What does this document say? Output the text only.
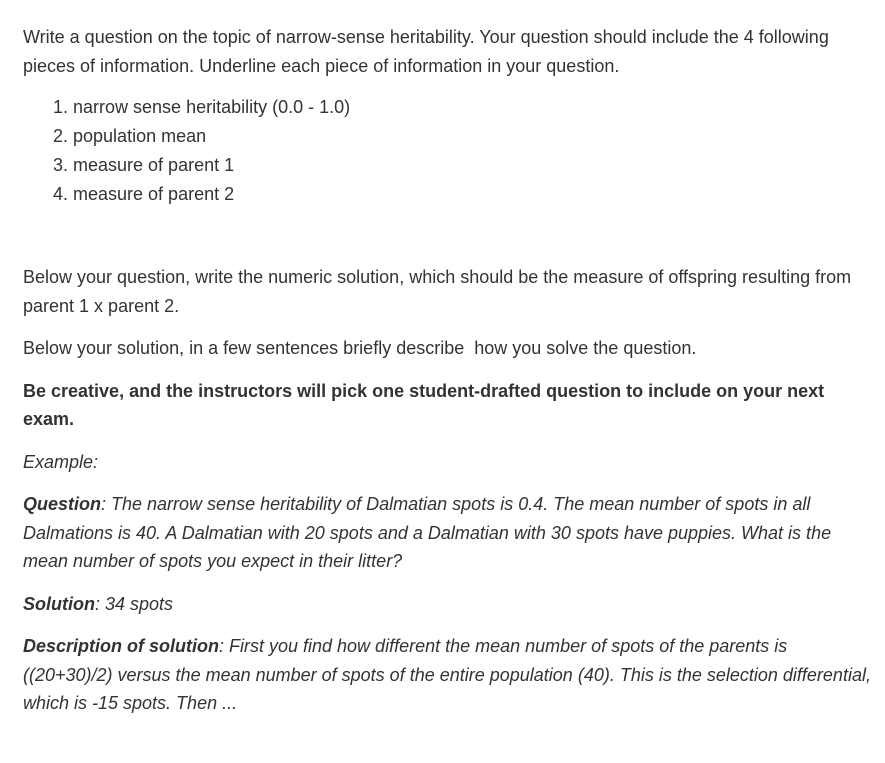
Write a question on the topic of narrow-sense heritability. Your question should include the 4 following pieces of information. Underline each piece of information in your question.

1. narrow sense heritability (0.0 - 1.0)
2. population mean
3. measure of parent 1
4. measure of parent 2

Below your question, write the numeric solution, which should be the measure of offspring resulting from parent 1 x parent 2.

Below your solution, in a few sentences briefly describe  how you solve the question.

Be creative, and the instructors will pick one student-drafted question to include on your next exam.

Example:

Question: The narrow sense heritability of Dalmatian spots is 0.4. The mean number of spots in all Dalmations is 40. A Dalmatian with 20 spots and a Dalmatian with 30 spots have puppies. What is the mean number of spots you expect in their litter?

Solution: 34 spots

Description of solution: First you find how different the mean number of spots of the parents is ((20+30)/2) versus the mean number of spots of the entire population (40). This is the selection differential, which is -15 spots. Then ...
